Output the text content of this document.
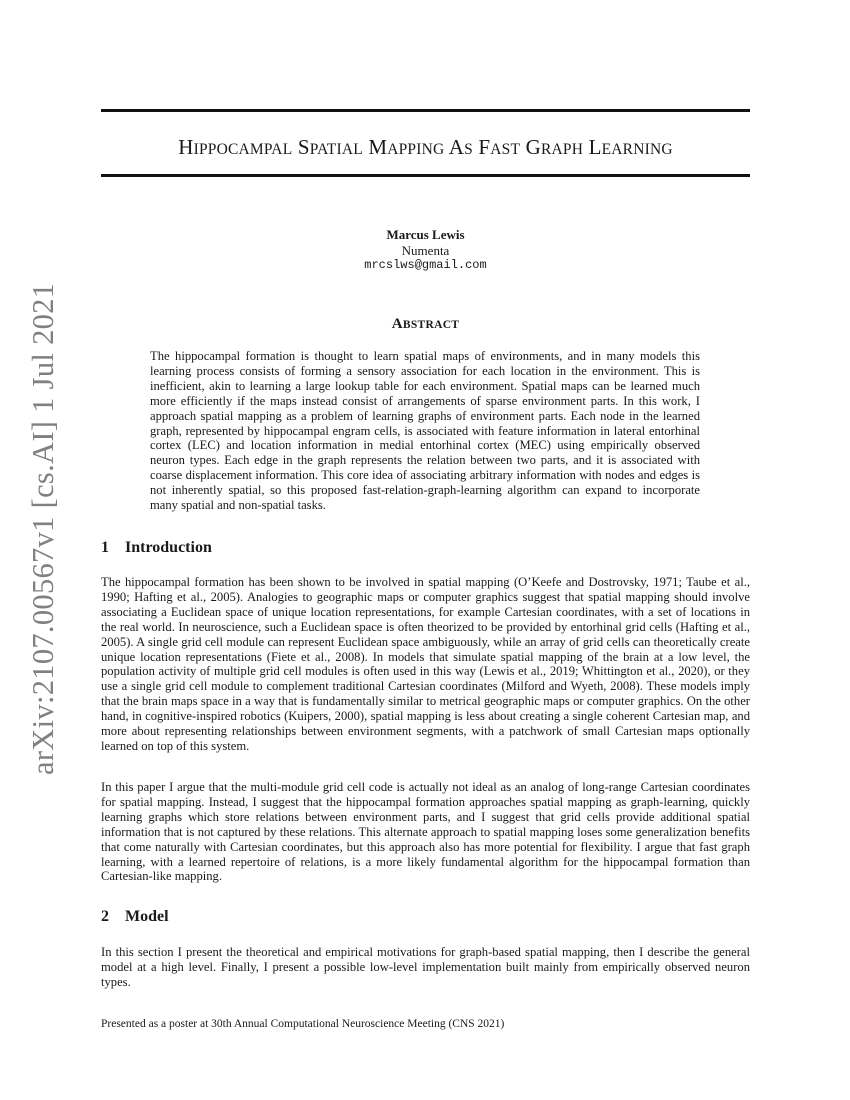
arXiv:2107.00567v1 [cs.AI] 1 Jul 2021
HIPPOCAMPAL SPATIAL MAPPING AS FAST GRAPH LEARNING
Marcus Lewis
Numenta
mrcslws@gmail.com
ABSTRACT
The hippocampal formation is thought to learn spatial maps of environments, and in many models this learning process consists of forming a sensory association for each location in the environment. This is inefficient, akin to learning a large lookup table for each environment. Spatial maps can be learned much more efficiently if the maps instead consist of arrangements of sparse environment parts. In this work, I approach spatial mapping as a problem of learning graphs of environment parts. Each node in the learned graph, represented by hippocampal engram cells, is associated with feature information in lateral entorhinal cortex (LEC) and location information in medial entorhinal cortex (MEC) using empirically observed neuron types. Each edge in the graph represents the relation between two parts, and it is associated with coarse displacement information. This core idea of associating arbitrary information with nodes and edges is not inherently spatial, so this proposed fast-relation-graph-learning algorithm can expand to incorporate many spatial and non-spatial tasks.
1 Introduction

The hippocampal formation has been shown to be involved in spatial mapping (O’Keefe and Dostrovsky, 1971; Taube et al., 1990; Hafting et al., 2005). Analogies to geographic maps or computer graphics suggest that spatial mapping should involve associating a Euclidean space of unique location representations, for example Cartesian coordinates, with a set of locations in the real world. In neuroscience, such a Euclidean space is often theorized to be provided by entorhinal grid cells (Hafting et al., 2005). A single grid cell module can represent Euclidean space ambiguously, while an array of grid cells can theoretically create unique location representations (Fiete et al., 2008). In models that simulate spatial mapping of the brain at a low level, the population activity of multiple grid cell modules is often used in this way (Lewis et al., 2019; Whittington et al., 2020), or they use a single grid cell module to complement traditional Cartesian coordinates (Milford and Wyeth, 2008). These models imply that the brain maps space in a way that is fundamentally similar to metrical geographic maps or computer graphics. On the other hand, in cognitive-inspired robotics (Kuipers, 2000), spatial mapping is less about creating a single coherent Cartesian map, and more about representing relationships between environment segments, with a patchwork of small Cartesian maps optionally learned on top of this system.

In this paper I argue that the multi-module grid cell code is actually not ideal as an analog of long-range Cartesian coordinates for spatial mapping. Instead, I suggest that the hippocampal formation approaches spatial mapping as graph-learning, quickly learning graphs which store relations between environment parts, and I suggest that grid cells provide additional spatial information that is not captured by these relations. This alternate approach to spatial mapping loses some generalization benefits that come naturally with Cartesian coordinates, but this approach also has more potential for flexibility. I argue that fast graph learning, with a learned repertoire of relations, is a more likely fundamental algorithm for the hippocampal formation than Cartesian-like mapping.

2 Model

In this section I present the theoretical and empirical motivations for graph-based spatial mapping, then I describe the general model at a high level. Finally, I present a possible low-level implementation built mainly from empirically observed neuron types.

Presented as a poster at 30th Annual Computational Neuroscience Meeting (CNS 2021)
